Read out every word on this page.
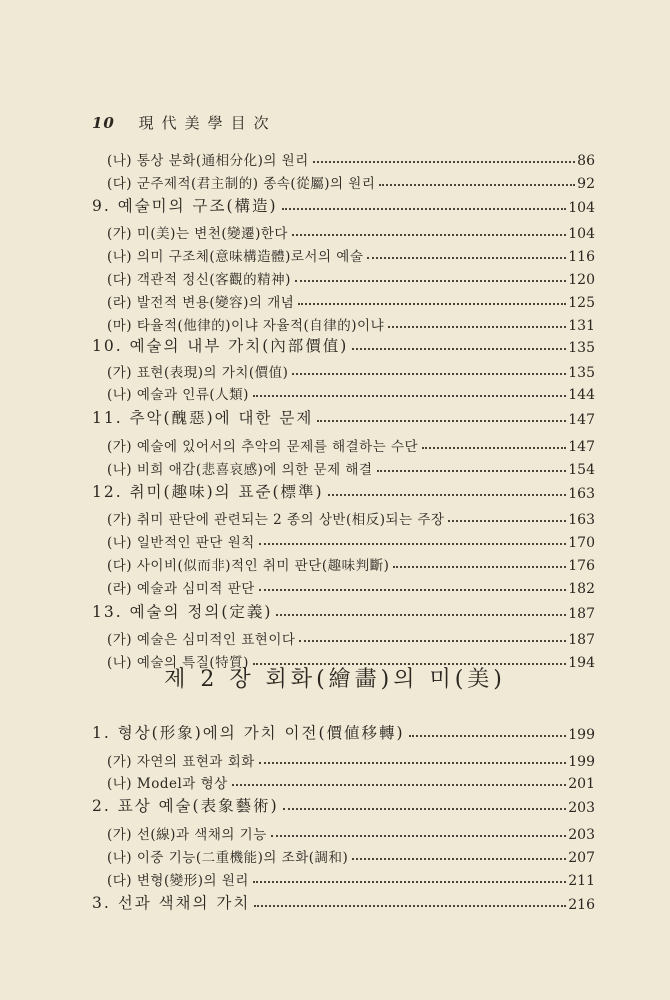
10 現代美學目次
(나) 통상 분화(通相分化)의 원리	86
(다) 군주제적(君主制的) 종속(從屬)의 원리	92
9. 예술미의 구조(構造)	104
(가) 미(美)는 변천(變遷)한다	104
(나) 의미 구조체(意味構造體)로서의 예술	116
(다) 객관적 정신(客觀的精神)	120
(라) 발전적 변용(變容)의 개념	125
(마) 타율적(他律的)이냐 자율적(自律的)이냐	131
10. 예술의 내부 가치(內部價值)	135
(가) 표현(表現)의 가치(價值)	135
(나) 예술과 인류(人類)	144
11. 추악(醜惡)에 대한 문제	147
(가) 예술에 있어서의 추악의 문제를 해결하는 수단	147
(나) 비희 애감(悲喜哀感)에 의한 문제 해결	154
12. 취미(趣味)의 표준(標準)	163
(가) 취미 판단에 관련되는 2 종의 상반(相反)되는 주장	163
(나) 일반적인 판단 원칙	170
(다) 사이비(似而非)적인 취미 판단(趣味判斷)	176
(라) 예술과 심미적 판단	182
13. 예술의 정의(定義)	187
(가) 예술은 심미적인 표현이다	187
(나) 예술의 특질(特質)	194
제 2 장 회화(繪畵)의 미(美)
1. 형상(形象)에의 가치 이전(價値移轉)	199
(가) 자연의 표현과 회화	199
(나) Model과 형상	201
2. 표상 예술(表象藝術)	203
(가) 선(線)과 색채의 기능	203
(나) 이중 기능(二重機能)의 조화(調和)	207
(다) 변형(變形)의 원리	211
3. 선과 색채의 가치	216
